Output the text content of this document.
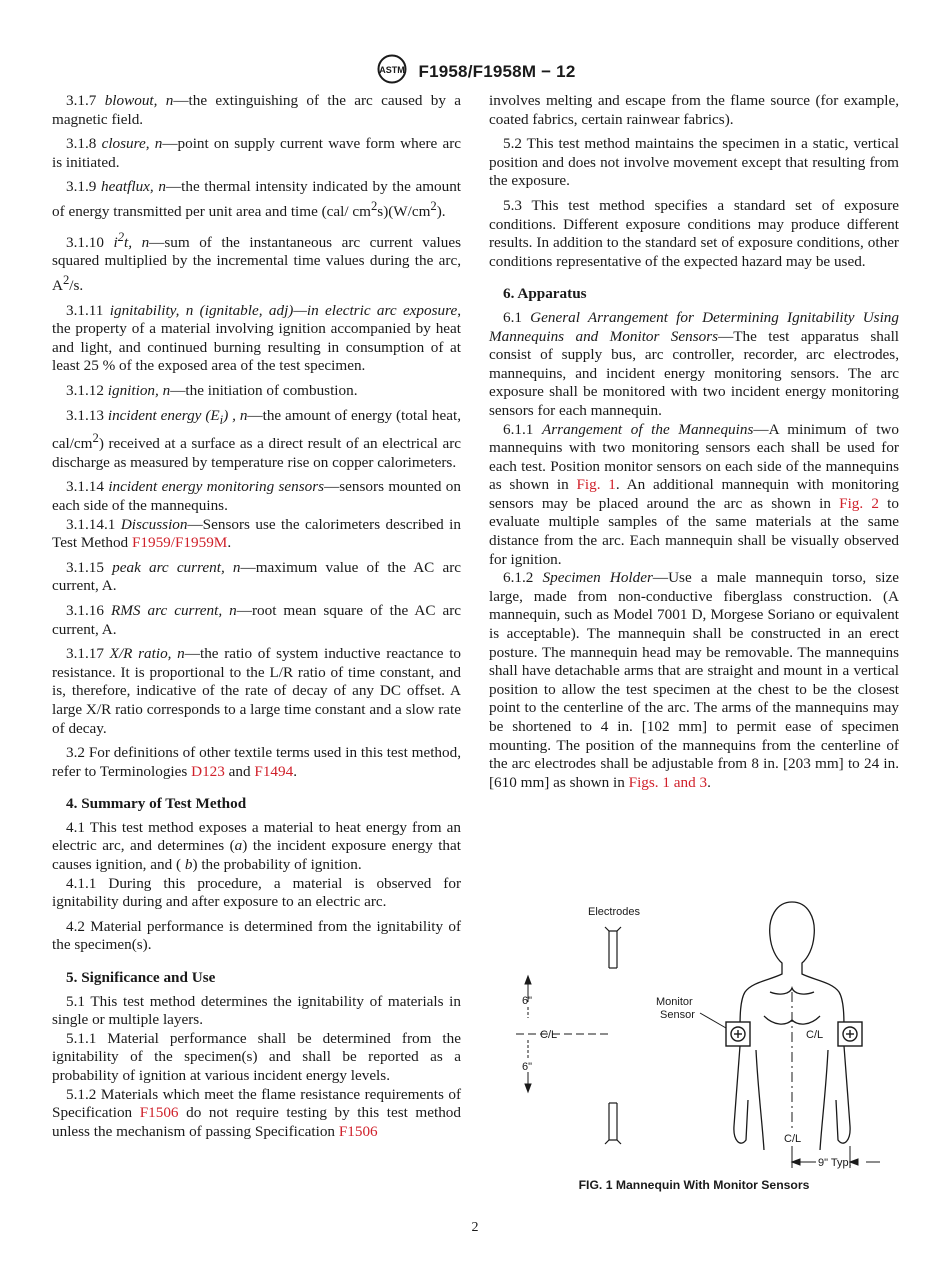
ASTM F1958/F1958M − 12

3.1.7 blowout, n—the extinguishing of the arc caused by a magnetic field.

3.1.8 closure, n—point on supply current wave form where arc is initiated.

3.1.9 heatflux, n—the thermal intensity indicated by the amount of energy transmitted per unit area and time (cal/ $cm^2s)(W/cm^2)$.

3.1.10 $i^2t$, n—sum of the instantaneous arc current values squared multiplied by the incremental time values during the arc, $A^2/s$.

3.1.11 ignitability, n (ignitable, adj)—in electric arc exposure, the property of a material involving ignition accompanied by heat and light, and continued burning resulting in consumption of at least 25 % of the exposed area of the test specimen.

3.1.12 ignition, n—the initiation of combustion.

3.1.13 incident energy $(E_i)$ , n—the amount of energy (total heat, cal/$cm^2$) received at a surface as a direct result of an electrical arc discharge as measured by temperature rise on copper calorimeters.

3.1.14 incident energy monitoring sensors—sensors mounted on each side of the mannequins.

3.1.14.1 Discussion—Sensors use the calorimeters described in Test Method F1959/F1959M.

3.1.15 peak arc current, n—maximum value of the AC arc current, A.

3.1.16 RMS arc current, n—root mean square of the AC arc current, A.

3.1.17 X/R ratio, n—the ratio of system inductive reactance to resistance. It is proportional to the L/R ratio of time constant, and is, therefore, indicative of the rate of decay of any DC offset. A large X/R ratio corresponds to a large time constant and a slow rate of decay.

3.2 For definitions of other textile terms used in this test method, refer to Terminologies D123 and F1494.

4. Summary of Test Method

4.1 This test method exposes a material to heat energy from an electric arc, and determines (a) the incident exposure energy that causes ignition, and ( b) the probability of ignition.

4.1.1 During this procedure, a material is observed for ignitability during and after exposure to an electric arc.

4.2 Material performance is determined from the ignitability of the specimen(s).

5. Significance and Use

5.1 This test method determines the ignitability of materials in single or multiple layers.

5.1.1 Material performance shall be determined from the ignitability of the specimen(s) and shall be reported as a probability of ignition at various incident energy levels.

5.1.2 Materials which meet the flame resistance requirements of Specification F1506 do not require testing by this test method unless the mechanism of passing Specification F1506

involves melting and escape from the flame source (for example, coated fabrics, certain rainwear fabrics).

5.2 This test method maintains the specimen in a static, vertical position and does not involve movement except that resulting from the exposure.

5.3 This test method specifies a standard set of exposure conditions. Different exposure conditions may produce different results. In addition to the standard set of exposure conditions, other conditions representative of the expected hazard may be used.

6. Apparatus

6.1 General Arrangement for Determining Ignitability Using Mannequins and Monitor Sensors—The test apparatus shall consist of supply bus, arc controller, recorder, arc electrodes, mannequins, and incident energy monitoring sensors. The arc exposure shall be monitored with two incident energy monitoring sensors for each mannequin.

6.1.1 Arrangement of the Mannequins—A minimum of two mannequins with two monitoring sensors each shall be used for each test. Position monitor sensors on each side of the mannequins as shown in Fig. 1. An additional mannequin with monitoring sensors may be placed around the arc as shown in Fig. 2 to evaluate multiple samples of the same materials at the same distance from the arc. Each mannequin shall be visually observed for ignition.

6.1.2 Specimen Holder—Use a male mannequin torso, size large, made from non-conductive fiberglass construction. (A mannequin, such as Model 7001 D, Morgese Soriano or equivalent is acceptable). The mannequin shall be constructed in an erect posture. The mannequin head may be removable. The mannequins shall have detachable arms that are straight and mount in a vertical position to allow the test specimen at the chest to be the closest point to the centerline of the arc. The arms of the mannequins may be shortened to 4 in. [102 mm] to permit ease of specimen mounting. The position of the mannequins from the centerline of the arc electrodes shall be adjustable from 8 in. [203 mm] to 24 in. [610 mm] as shown in Figs. 1 and 3.

Electrodes
6"
C/L
6"
Monitor
Sensor
C/L
C/L
9" Typ.
FIG. 1 Mannequin With Monitor Sensors
2
